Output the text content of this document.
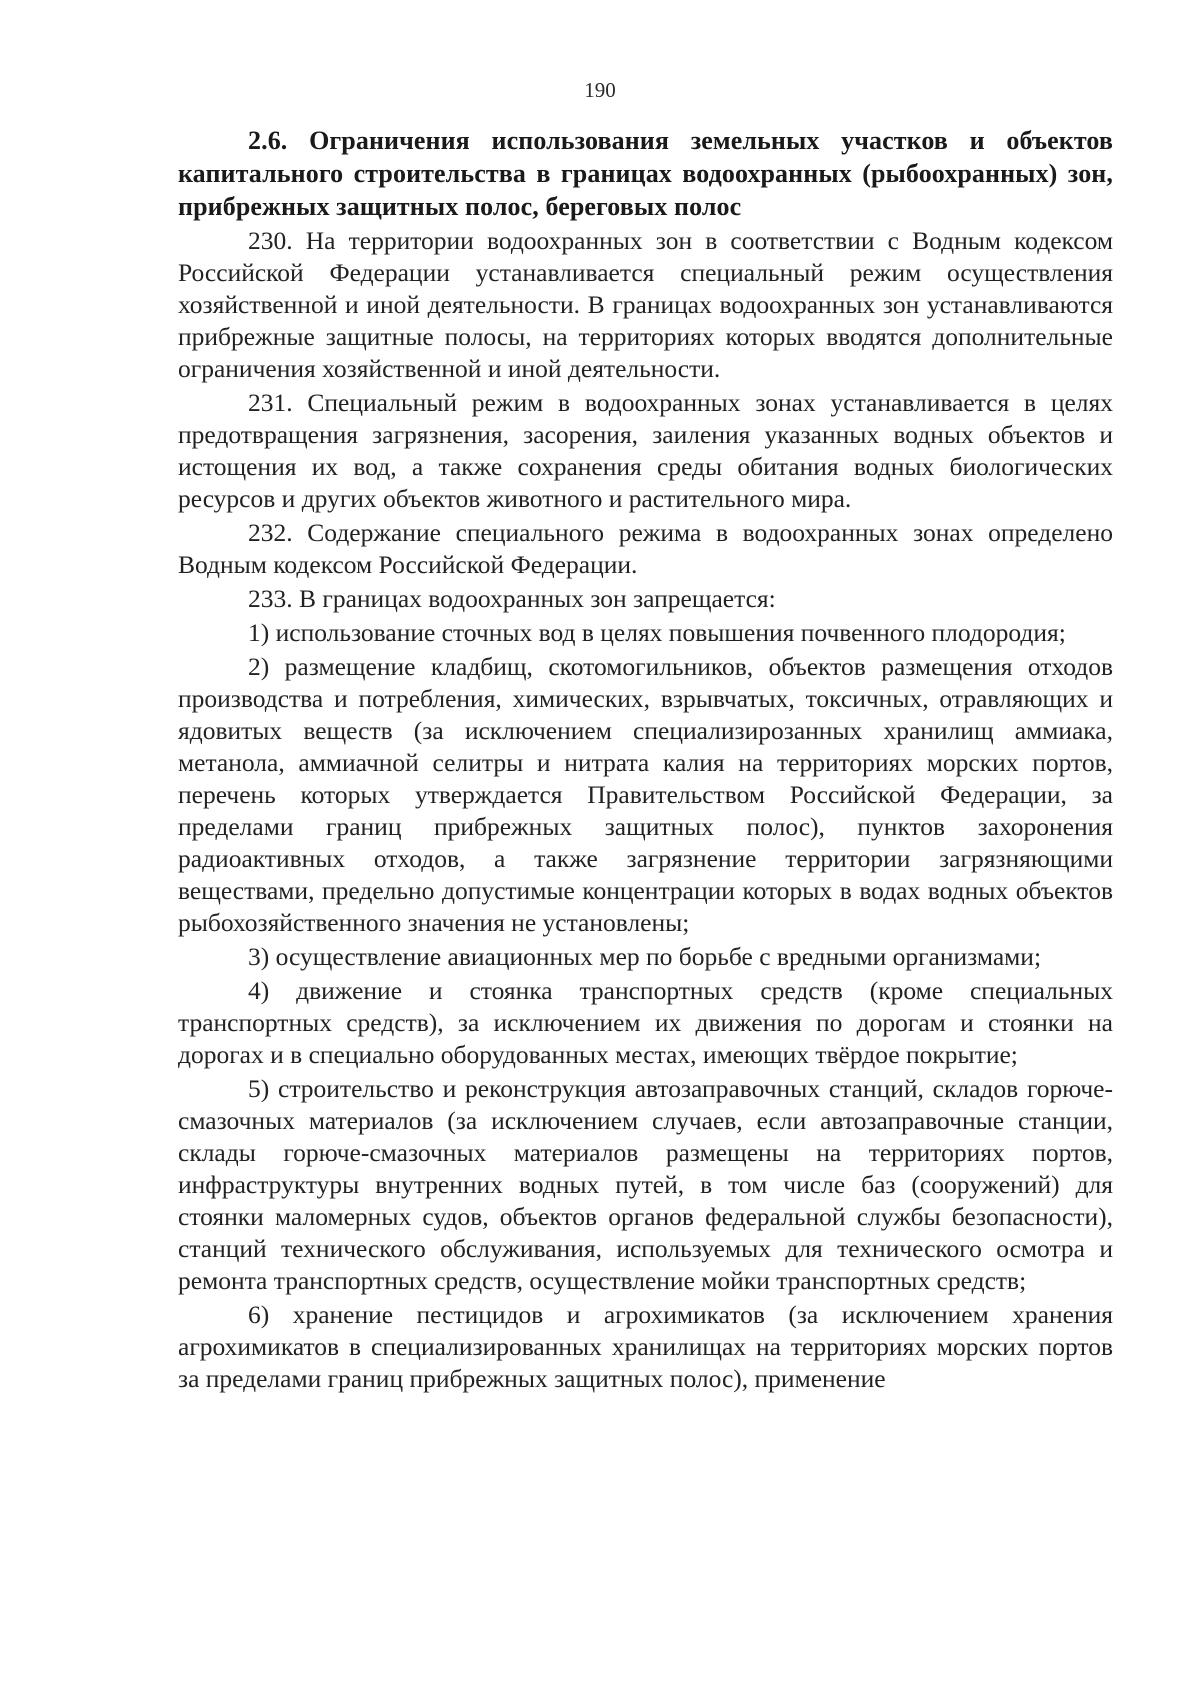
190

2.6. Ограничения использования земельных участков и объектов капитального строительства в границах водоохранных (рыбоохранных) зон, прибрежных защитных полос, береговых полос

230. На территории водоохранных зон в соответствии с Водным кодексом Российской Федерации устанавливается специальный режим осуществления хозяйственной и иной деятельности. В границах водоохранных зон устанавливаются прибрежные защитные полосы, на территориях которых вводятся дополнительные ограничения хозяйственной и иной деятельности.

231. Специальный режим в водоохранных зонах устанавливается в целях предотвращения загрязнения, засорения, заиления указанных водных объектов и истощения их вод, а также сохранения среды обитания водных биологических ресурсов и других объектов животного и растительного мира.

232. Содержание специального режима в водоохранных зонах определено Водным кодексом Российской Федерации.

233. В границах водоохранных зон запрещается:

1) использование сточных вод в целях повышения почвенного плодородия;

2) размещение кладбищ, скотомогильников, объектов размещения отходов производства и потребления, химических, взрывчатых, токсичных, отравляющих и ядовитых веществ (за исключением специализирозанных хранилищ аммиака, метанола, аммиачной селитры и нитрата калия на территориях морских портов, перечень которых утверждается Правительством Российской Федерации, за пределами границ прибрежных защитных полос), пунктов захоронения радиоактивных отходов, а также загрязнение территории загрязняющими веществами, предельно допустимые концентрации которых в водах водных объектов рыбохозяйственного значения не установлены;

3) осуществление авиационных мер по борьбе с вредными организмами;

4) движение и стоянка транспортных средств (кроме специальных транспортных средств), за исключением их движения по дорогам и стоянки на дорогах и в специально оборудованных местах, имеющих твёрдое покрытие;

5) строительство и реконструкция автозаправочных станций, складов горюче-смазочных материалов (за исключением случаев, если автозаправочные станции, склады горюче-смазочных материалов размещены на территориях портов, инфраструктуры внутренних водных путей, в том числе баз (сооружений) для стоянки маломерных судов, объектов органов федеральной службы безопасности), станций технического обслуживания, используемых для технического осмотра и ремонта транспортных средств, осуществление мойки транспортных средств;

6) хранение пестицидов и агрохимикатов (за исключением хранения агрохимикатов в специализированных хранилищах на территориях морских портов за пределами границ прибрежных защитных полос), применение
